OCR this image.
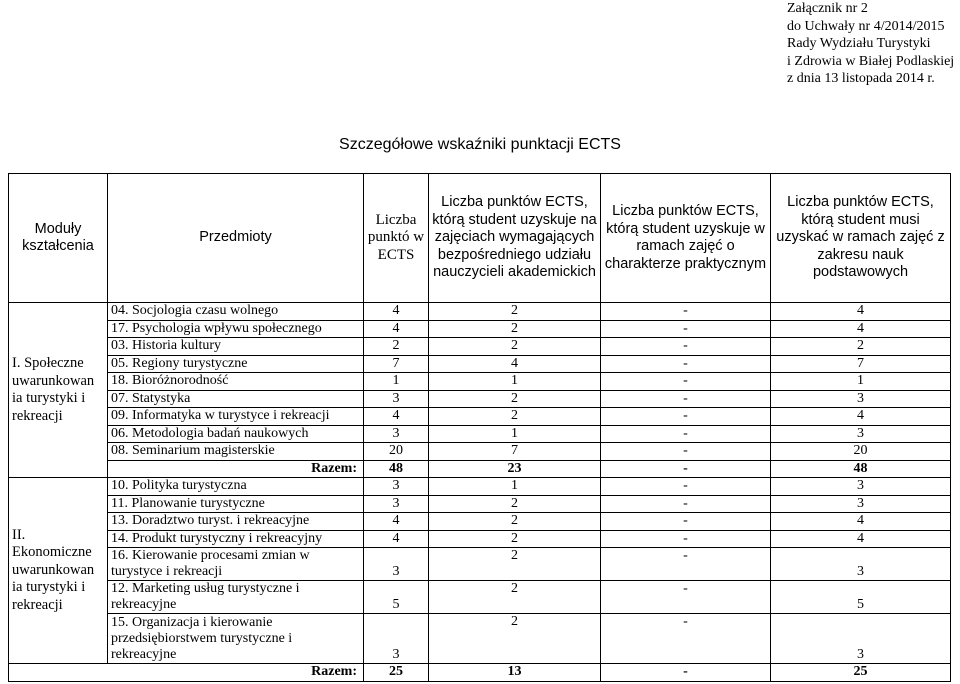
Załącznik nr 2
do Uchwały nr 4/2014/2015
Rady Wydziału Turystyki
i Zdrowia w Białej Podlaskiej
z dnia 13 listopada 2014 r.
Szczegółowe wskaźniki punktacji ECTS
Moduły kształcenia	Przedmioty	Liczba punktó w ECTS	Liczba punktów ECTS, którą student uzyskuje na zajęciach wymagających bezpośredniego udziału nauczycieli akademickich	Liczba punktów ECTS, którą student uzyskuje w ramach zajęć o charakterze praktycznym	Liczba punktów ECTS, którą student musi uzyskać w ramach zajęć z zakresu nauk podstawowych
I. Społeczne uwarunkowan ia turystyki i rekreacji	04. Socjologia czasu wolnego	4	2	-	4
	17. Psychologia wpływu społecznego	4	2	-	4
	03. Historia kultury	2	2	-	2
	05. Regiony turystyczne	7	4	-	7
	18. Bioróżnorodność	1	1	-	1
	07. Statystyka	3	2	-	3
	09. Informatyka w turystyce i rekreacji	4	2	-	4
	06. Metodologia badań naukowych	3	1	-	3
	08. Seminarium magisterskie	20	7	-	20
	Razem:	48	23	-	48
II. Ekonomiczne uwarunkowan ia turystyki i rekreacji	10. Polityka turystyczna	3	1	-	3
	11. Planowanie turystyczne	3	2	-	3
	13. Doradztwo turyst. i rekreacyjne	4	2	-	4
	14. Produkt turystyczny i rekreacyjny	4	2	-	4
	16. Kierowanie procesami zmian w turystyce i rekreacji	3	2	-	3
	12. Marketing usług turystyczne i rekreacyjne	5	2	-	5
	15. Organizacja i kierowanie przedsiębiorstwem turystyczne i rekreacyjne	3	2	-	3
Razem:		25	13	-	25
